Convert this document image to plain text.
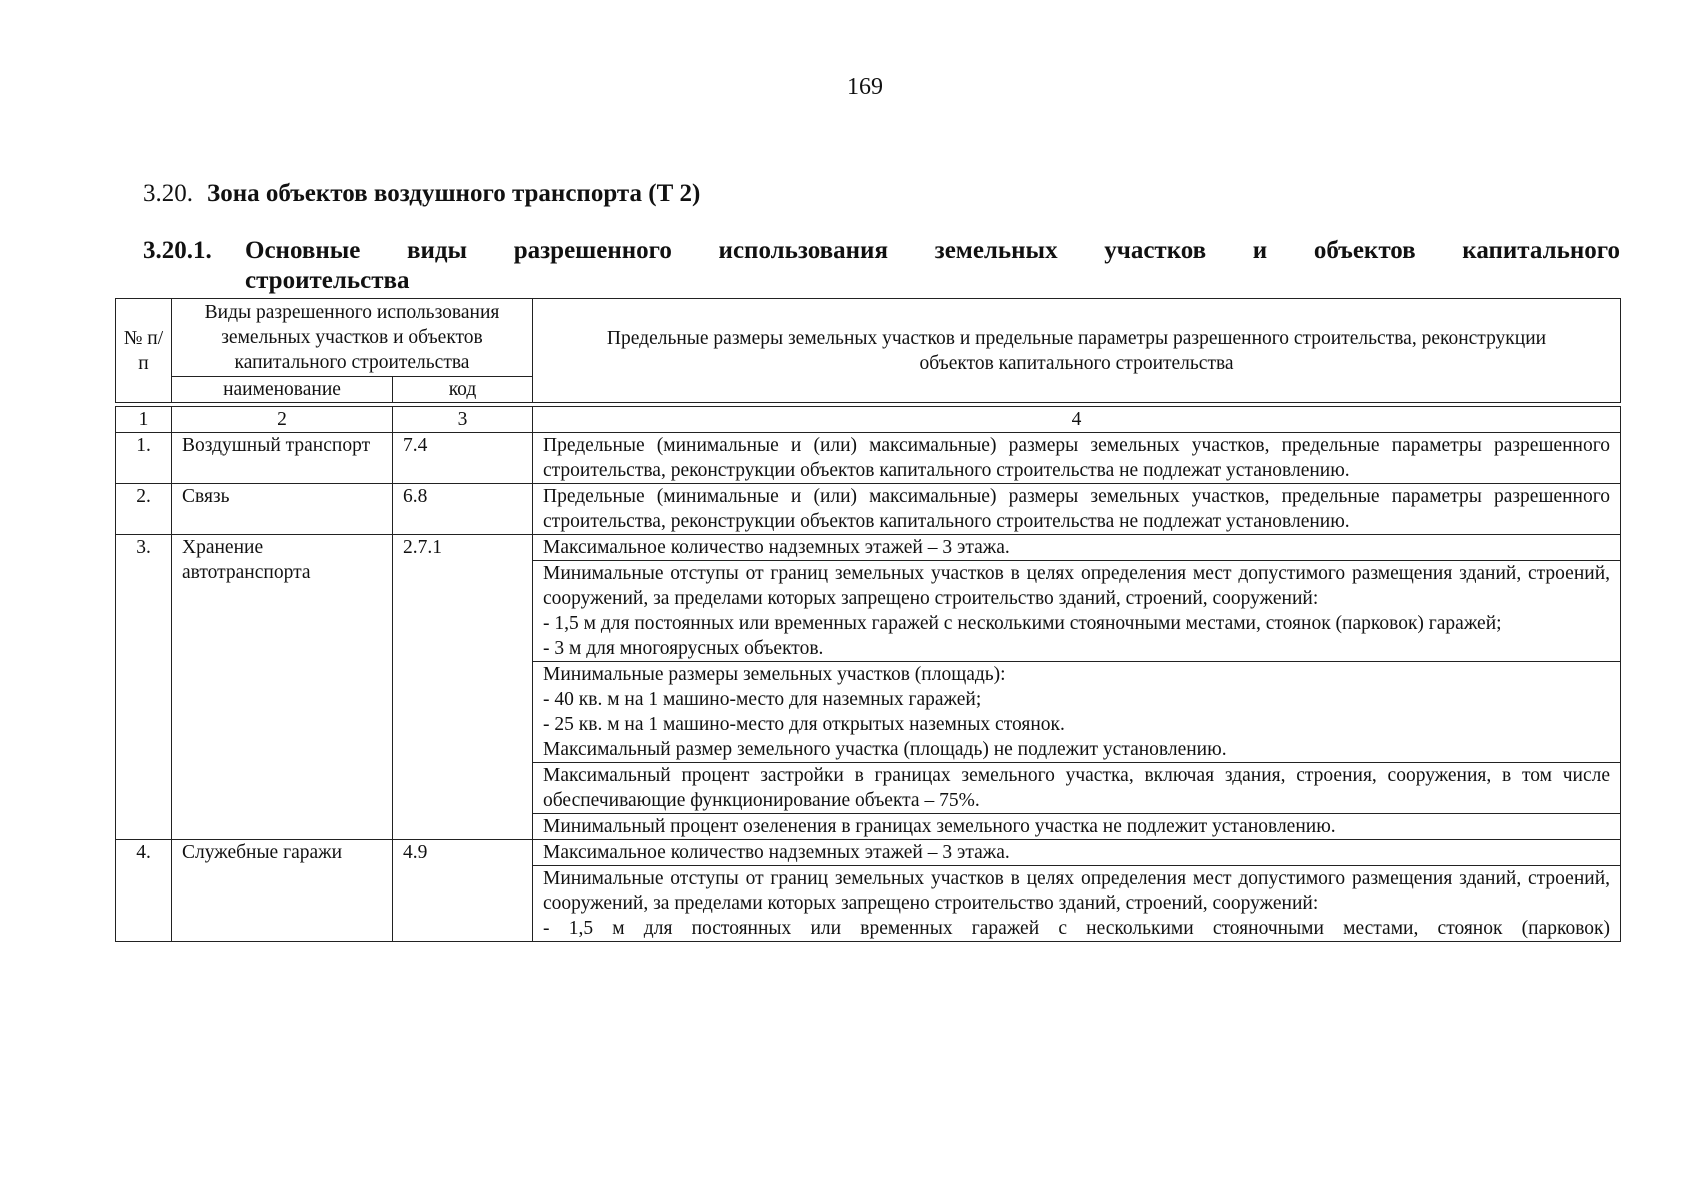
169
3.20. Зона объектов воздушного транспорта (Т 2)
3.20.1. Основные виды разрешенного использования земельных участков и объектов капитального
строительства
№ п/п	Виды разрешенного использования земельных участков и объектов капитального строительства		Предельные размеры земельных участков и предельные параметры разрешенного строительства, реконструкции объектов капитального строительства
	наименование	код	

1	2	3	4
1.	Воздушный транспорт	7.4	Предельные (минимальные и (или) максимальные) размеры земельных участков, предельные параметры разрешенного строительства, реконструкции объектов капитального строительства не подлежат установлению.
2.	Связь	6.8	Предельные (минимальные и (или) максимальные) размеры земельных участков, предельные параметры разрешенного строительства, реконструкции объектов капитального строительства не подлежат установлению.
3.	Хранение автотранспорта	2.7.1	Максимальное количество надземных этажей – 3 этажа.

			Минимальные отступы от границ земельных участков в целях определения мест допустимого размещения зданий, строений, сооружений, за пределами которых запрещено строительство зданий, строений, сооружений:
- 1,5 м для постоянных или временных гаражей с несколькими стояночными местами, стоянок (парковок) гаражей;
- 3 м для многоярусных объектов.

			Минимальные размеры земельных участков (площадь):
- 40 кв. м на 1 машино-место для наземных гаражей;
- 25 кв. м на 1 машино-место для открытых наземных стоянок.
Максимальный размер земельного участка (площадь) не подлежит установлению.

			Максимальный процент застройки в границах земельного участка, включая здания, строения, сооружения, в том числе обеспечивающие функционирование объекта – 75%.

			Минимальный процент озеленения в границах земельного участка не подлежит установлению.

4.	Служебные гаражи	4.9	Максимальное количество надземных этажей – 3 этажа.

			Минимальные отступы от границ земельных участков в целях определения мест допустимого размещения зданий, строений, сооружений, за пределами которых запрещено строительство зданий, строений, сооружений:
- 1,5 м для постоянных или временных гаражей с несколькими стояночными местами, стоянок (парковок)
